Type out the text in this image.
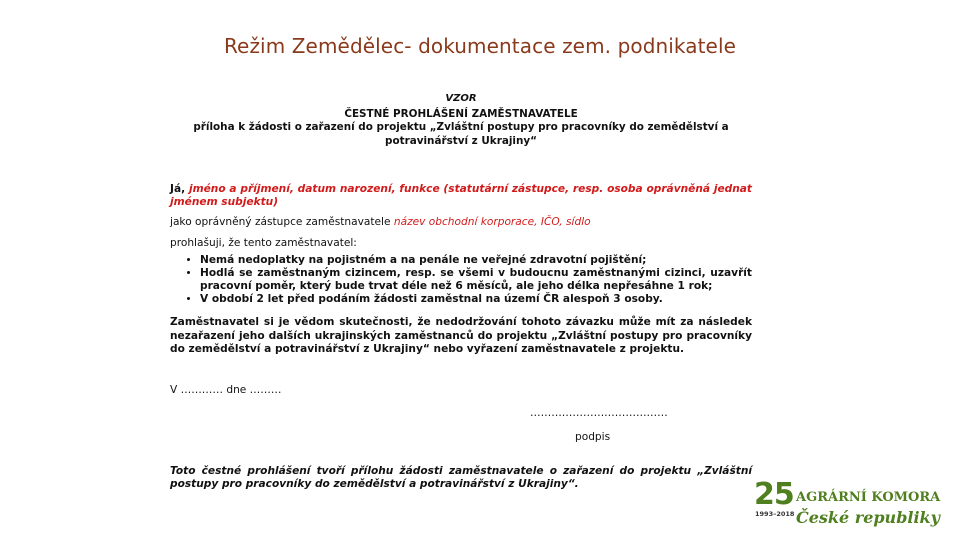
Režim Zemědělec- dokumentace zem. podnikatele
VZOR
ČESTNÉ PROHLÁŠENÍ ZAMĚSTNAVATELE
příloha k žádosti o zařazení do projektu „Zvláštní postupy pro pracovníky do zemědělství a
potravinářství z Ukrajiny“
Já, jméno a příjmení, datum narození, funkce (statutární zástupce, resp. osoba oprávněná jednat jménem subjektu)
jako oprávněný zástupce zaměstnavatele název obchodní korporace, IČO, sídlo
prohlašuji, že tento zaměstnavatel:
• Nemá nedoplatky na pojistném a na penále ne veřejné zdravotní pojištění;
• Hodlá se zaměstnaným cizincem, resp. se všemi v budoucnu zaměstnanými cizinci, uzavřít pracovní poměr, který bude trvat déle než 6 měsíců, ale jeho délka nepřesáhne 1 rok;
• V období 2 let před podáním žádosti zaměstnal na území ČR alespoň 3 osoby.
Zaměstnavatel si je vědom skutečnosti, že nedodržování tohoto závazku může mít za následek nezařazení jeho dalších ukrajinských zaměstnanců do projektu „Zvláštní postupy pro pracovníky do zemědělství a potravinářství z Ukrajiny“ nebo vyřazení zaměstnavatele z projektu.
V ………… dne ………
…………………………………
podpis
Toto čestné prohlášení tvoří přílohu žádosti zaměstnavatele o zařazení do projektu „Zvláštní postupy pro pracovníky do zemědělství a potravinářství z Ukrajiny“.	25
1993–2018
AGRÁRNÍ KOMORA
České republiky
